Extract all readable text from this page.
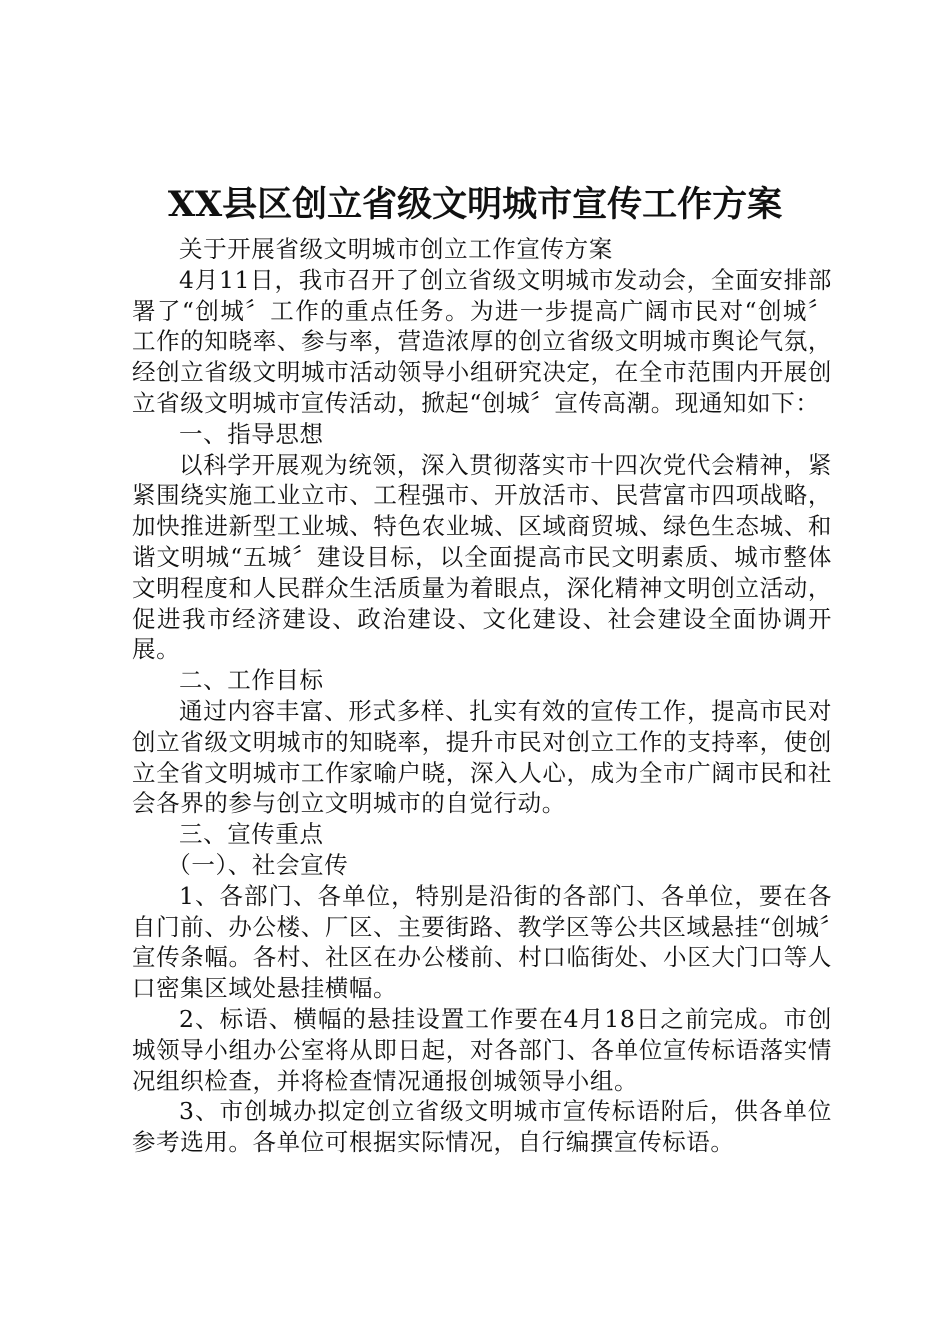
XX县区创立省级文明城市宣传工作方案

关于开展省级文明城市创立工作宣传方案

4月11日，我市召开了创立省级文明城市发动会，全面安排部署了“创城〞工作的重点任务。为进一步提高广阔市民对“创城〞工作的知晓率、参与率，营造浓厚的创立省级文明城市舆论气氛，经创立省级文明城市活动领导小组研究决定，在全市范围内开展创立省级文明城市宣传活动，掀起“创城〞宣传高潮。现通知如下：

一、指导思想

以科学开展观为统领，深入贯彻落实市十四次党代会精神，紧紧围绕实施工业立市、工程强市、开放活市、民营富市四项战略，加快推进新型工业城、特色农业城、区域商贸城、绿色生态城、和谐文明城“五城〞建设目标，以全面提高市民文明素质、城市整体文明程度和人民群众生活质量为着眼点，深化精神文明创立活动，促进我市经济建设、政治建设、文化建设、社会建设全面协调开展。

二、工作目标

通过内容丰富、形式多样、扎实有效的宣传工作，提高市民对创立省级文明城市的知晓率，提升市民对创立工作的支持率，使创立全省文明城市工作家喻户晓，深入人心，成为全市广阔市民和社会各界的参与创立文明城市的自觉行动。

三、宣传重点

（一）、社会宣传

1、各部门、各单位，特别是沿街的各部门、各单位，要在各自门前、办公楼、厂区、主要街路、教学区等公共区域悬挂“创城〞宣传条幅。各村、社区在办公楼前、村口临街处、小区大门口等人口密集区域处悬挂横幅。

2、标语、横幅的悬挂设置工作要在4月18日之前完成。市创城领导小组办公室将从即日起，对各部门、各单位宣传标语落实情况组织检查，并将检查情况通报创城领导小组。

3、市创城办拟定创立省级文明城市宣传标语附后，供各单位参考选用。各单位可根据实际情况，自行编撰宣传标语。
